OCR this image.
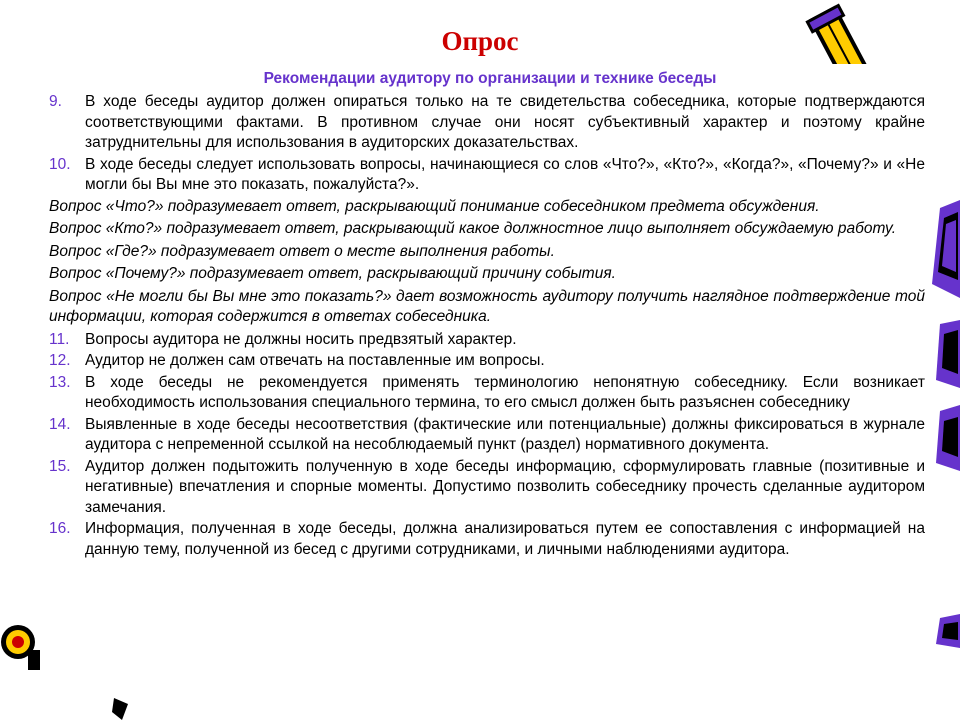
Опрос
Рекомендации аудитору по организации и технике беседы
9.	В ходе беседы аудитор должен опираться только на те свидетельства собеседника, которые подтверждаются соответствующими фактами. В противном случае они носят субъективный характер и поэтому крайне затруднительны для использования в аудиторских доказательствах.
10. В ходе беседы следует использовать вопросы, начинающиеся со слов «Что?», «Кто?», «Когда?», «Почему?» и «Не могли бы Вы мне это показать, пожалуйста?».
Вопрос «Что?» подразумевает ответ, раскрывающий понимание собеседником предмета обсуждения.
Вопрос «Кто?» подразумевает ответ, раскрывающий какое должностное лицо выполняет обсуждаемую работу.
Вопрос «Где?» подразумевает ответ о месте выполнения работы.
Вопрос «Почему?» подразумевает ответ, раскрывающий причину события.
Вопрос «Не могли бы Вы мне это показать?» дает возможность аудитору получить наглядное подтверждение той информации, которая содержится в ответах собеседника.
11.	Вопросы аудитора не должны носить предвзятый характер.
12. Аудитор не должен сам отвечать на поставленные им вопросы.
13. В ходе беседы не рекомендуется применять терминологию непонятную собеседнику. Если возникает необходимость использования специального термина, то его смысл должен быть разъяснен собеседнику
14. Выявленные в ходе беседы несоответствия (фактические или потенциальные) должны фиксироваться в журнале аудитора с непременной ссылкой на несоблюдаемый пункт (раздел) нормативного документа.
15. Аудитор должен подытожить полученную в ходе беседы информацию, сформулировать главные (позитивные и негативные) впечатления и спорные моменты. Допустимо позволить собеседнику прочесть сделанные аудитором замечания.
16. Информация, полученная в ходе беседы, должна анализироваться путем ее сопоставления с информацией на данную тему, полученной из бесед с другими сотрудниками, и личными наблюдениями аудитора.
